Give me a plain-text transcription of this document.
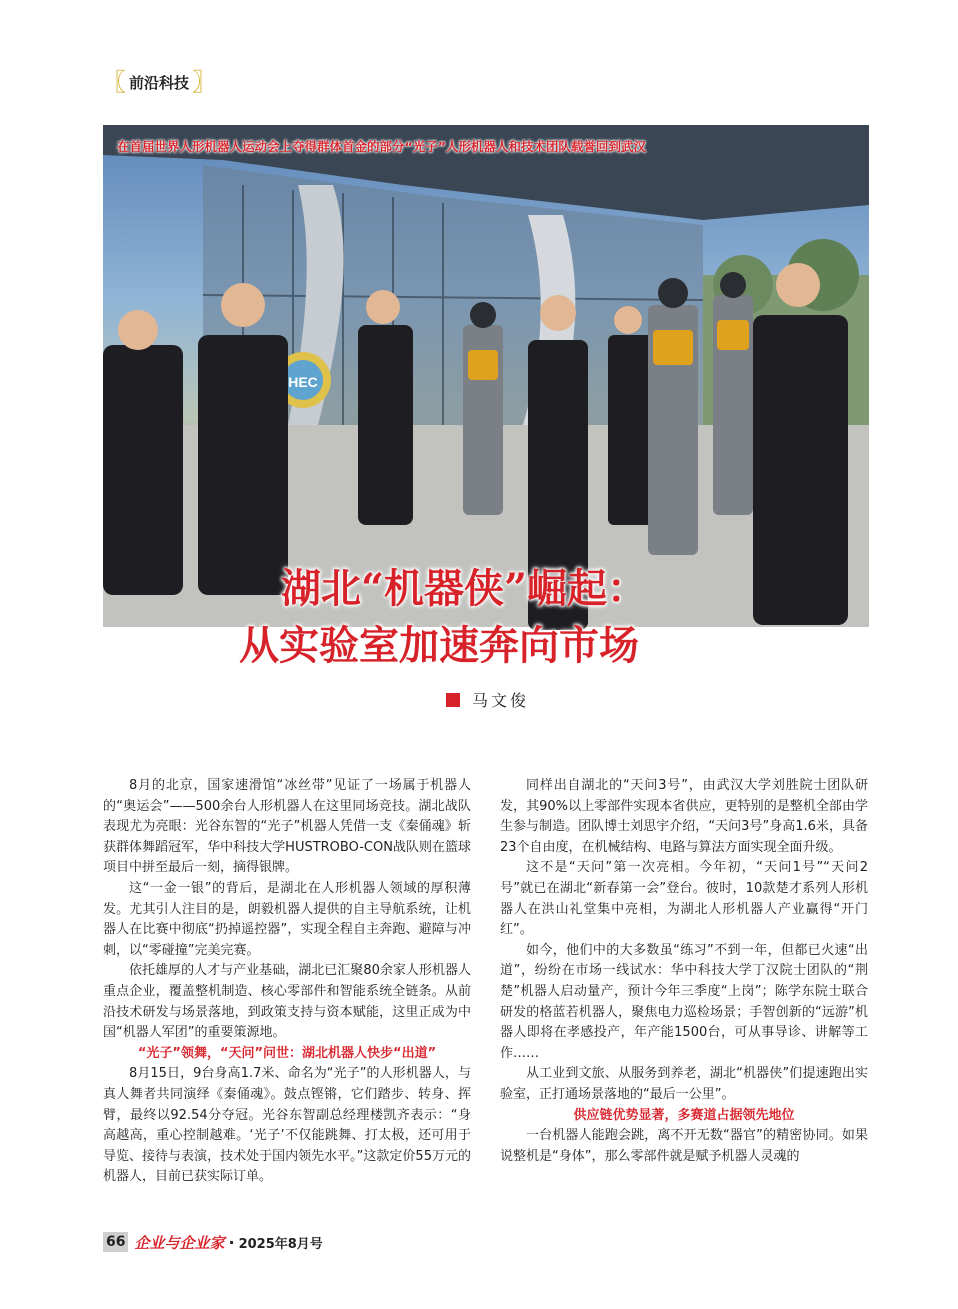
〖 前沿科技 〗
HEC
在首届世界人形机器人运动会上夺得群体首金的部分“光子”人形机器人和技术团队载誉回到武汉
湖北“机器侠”崛起：
从实验室加速奔向市场
马文俊

8月的北京，国家速滑馆“冰丝带”见证了一场属于机器人的“奥运会”——500余台人形机器人在这里同场竞技。湖北战队表现尤为亮眼：光谷东智的“光子”机器人凭借一支《秦俑魂》斩获群体舞蹈冠军，华中科技大学HUSTROBO-CON战队则在篮球项目中拼至最后一刻，摘得银牌。

这“一金一银”的背后，是湖北在人形机器人领域的厚积薄发。尤其引人注目的是，朗毅机器人提供的自主导航系统，让机器人在比赛中彻底“扔掉遥控器”，实现全程自主奔跑、避障与冲刺，以“零碰撞”完美完赛。

依托雄厚的人才与产业基础，湖北已汇聚80余家人形机器人重点企业，覆盖整机制造、核心零部件和智能系统全链条。从前沿技术研发与场景落地，到政策支持与资本赋能，这里正成为中国“机器人军团”的重要策源地。

“光子”领舞，“天问”问世：湖北机器人快步“出道”

8月15日，9台身高1.7米、命名为“光子”的人形机器人，与真人舞者共同演绎《秦俑魂》。鼓点铿锵，它们踏步、转身、挥臂，最终以92.54分夺冠。光谷东智副总经理楼凯齐表示：“身高越高，重心控制越难。‘光子’不仅能跳舞、打太极，还可用于导览、接待与表演，技术处于国内领先水平。”这款定价55万元的机器人，目前已获实际订单。

同样出自湖北的“天问3号”，由武汉大学刘胜院士团队研发，其90%以上零部件实现本省供应，更特别的是整机全部由学生参与制造。团队博士刘思宇介绍，“天问3号”身高1.6米，具备23个自由度，在机械结构、电路与算法方面实现全面升级。

这不是“天问”第一次亮相。今年初，“天问1号”“天问2号”就已在湖北“新春第一会”登台。彼时，10款楚才系列人形机器人在洪山礼堂集中亮相，为湖北人形机器人产业赢得“开门红”。

如今，他们中的大多数虽“练习”不到一年，但都已火速“出道”，纷纷在市场一线试水：华中科技大学丁汉院士团队的“荆楚”机器人启动量产，预计今年三季度“上岗”；陈学东院士联合研发的格蓝若机器人，聚焦电力巡检场景；手智创新的“远游”机器人即将在孝感投产，年产能1500台，可从事导诊、讲解等工作……

从工业到文旅、从服务到养老，湖北“机器侠”们提速跑出实验室，正打通场景落地的“最后一公里”。

供应链优势显著，多赛道占据领先地位

一台机器人能跑会跳，离不开无数“器官”的精密协同。如果说整机是“身体”，那么零部件就是赋予机器人灵魂的

66 企业与企业家 · 2025年8月号
